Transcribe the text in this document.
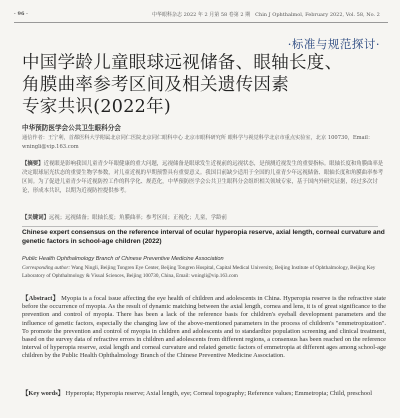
· 96 ·	中华眼科杂志 2022 年 2 月第 58 卷第 2 期　Chin J Ophthalmol, February 2022, Vol. 58, No. 2
·标准与规范探讨·
中国学龄儿童眼球远视储备、眼轴长度、
角膜曲率参考区间及相关遗传因素
专家共识(2022年)
中华预防医学会公共卫生眼科分会
通信作者：王宁利，首都医科大学附属北京同仁医院北京同仁眼科中心 北京市眼科研究所 眼科学与视觉科学北京市重点实验室，北京 100730，Email：wningli@vip.163.com
【摘要】近视眼是影响我国儿童青少年眼健康的重大问题，远视储备是眼球发生近视前的远视状态，是预测近视发生的重要指标。眼轴长度和角膜曲率是决定眼球屈光状态的重要生物学参数，对儿童近视的早期预警具有重要意义。我国目前缺少适用于全国的儿童青少年远视储备、眼轴长度和角膜曲率参考区间。为了促进儿童青少年近视防控工作的科学化、规范化，中华预防医学会公共卫生眼科分会组织相关领域专家，基于国内外研究证据，经过多次讨论，形成本共识，以期为近视防控提供参考。
【关键词】远视；远视储备；眼轴长度；角膜曲率；参考区间；正视化；儿童，学龄前
Chinese expert consensus on the reference interval of ocular hyperopia reserve, axial length, corneal curvature and genetic factors in school-age children (2022)
Public Health Ophthalmology Branch of Chinese Preventive Medicine Association
Corresponding author: Wang Ningli, Beijing Tongren Eye Center, Beijing Tongren Hospital, Capital Medical University, Beijing Institute of Ophthalmology, Beijing Key Laboratory of Ophthalmology & Visual Sciences, Beijing 100730, China, Email: wningli@vip.163.com
【Abstract】 Myopia is a focal issue affecting the eye health of children and adolescents in China. Hyperopia reserve is the refractive state before the occurrence of myopia. As the result of dynamic matching between the axial length, cornea and lens, it is of great significance to the prevention and control of myopia. There has been a lack of the reference basis for children's eyeball development parameters and the influence of genetic factors, especially the changing law of the above-mentioned parameters in the process of children's "emmetropization". To promote the prevention and control of myopia in children and adolescents and to standardize population screening and clinical treatment, based on the survey data of refractive errors in children and adolescents from different regions, a consensus has been reached on the reference interval of hyperopia reserve, axial length and corneal curvature and related genetic factors of emmetropia at different ages among school-age children by the Public Health Ophthalmology Branch of the Chinese Preventive Medicine Association.
【Key words】 Hyperopia; Hyperopia reserve; Axial length, eye; Corneal topography; Reference values; Emmetropia; Child, preschool
